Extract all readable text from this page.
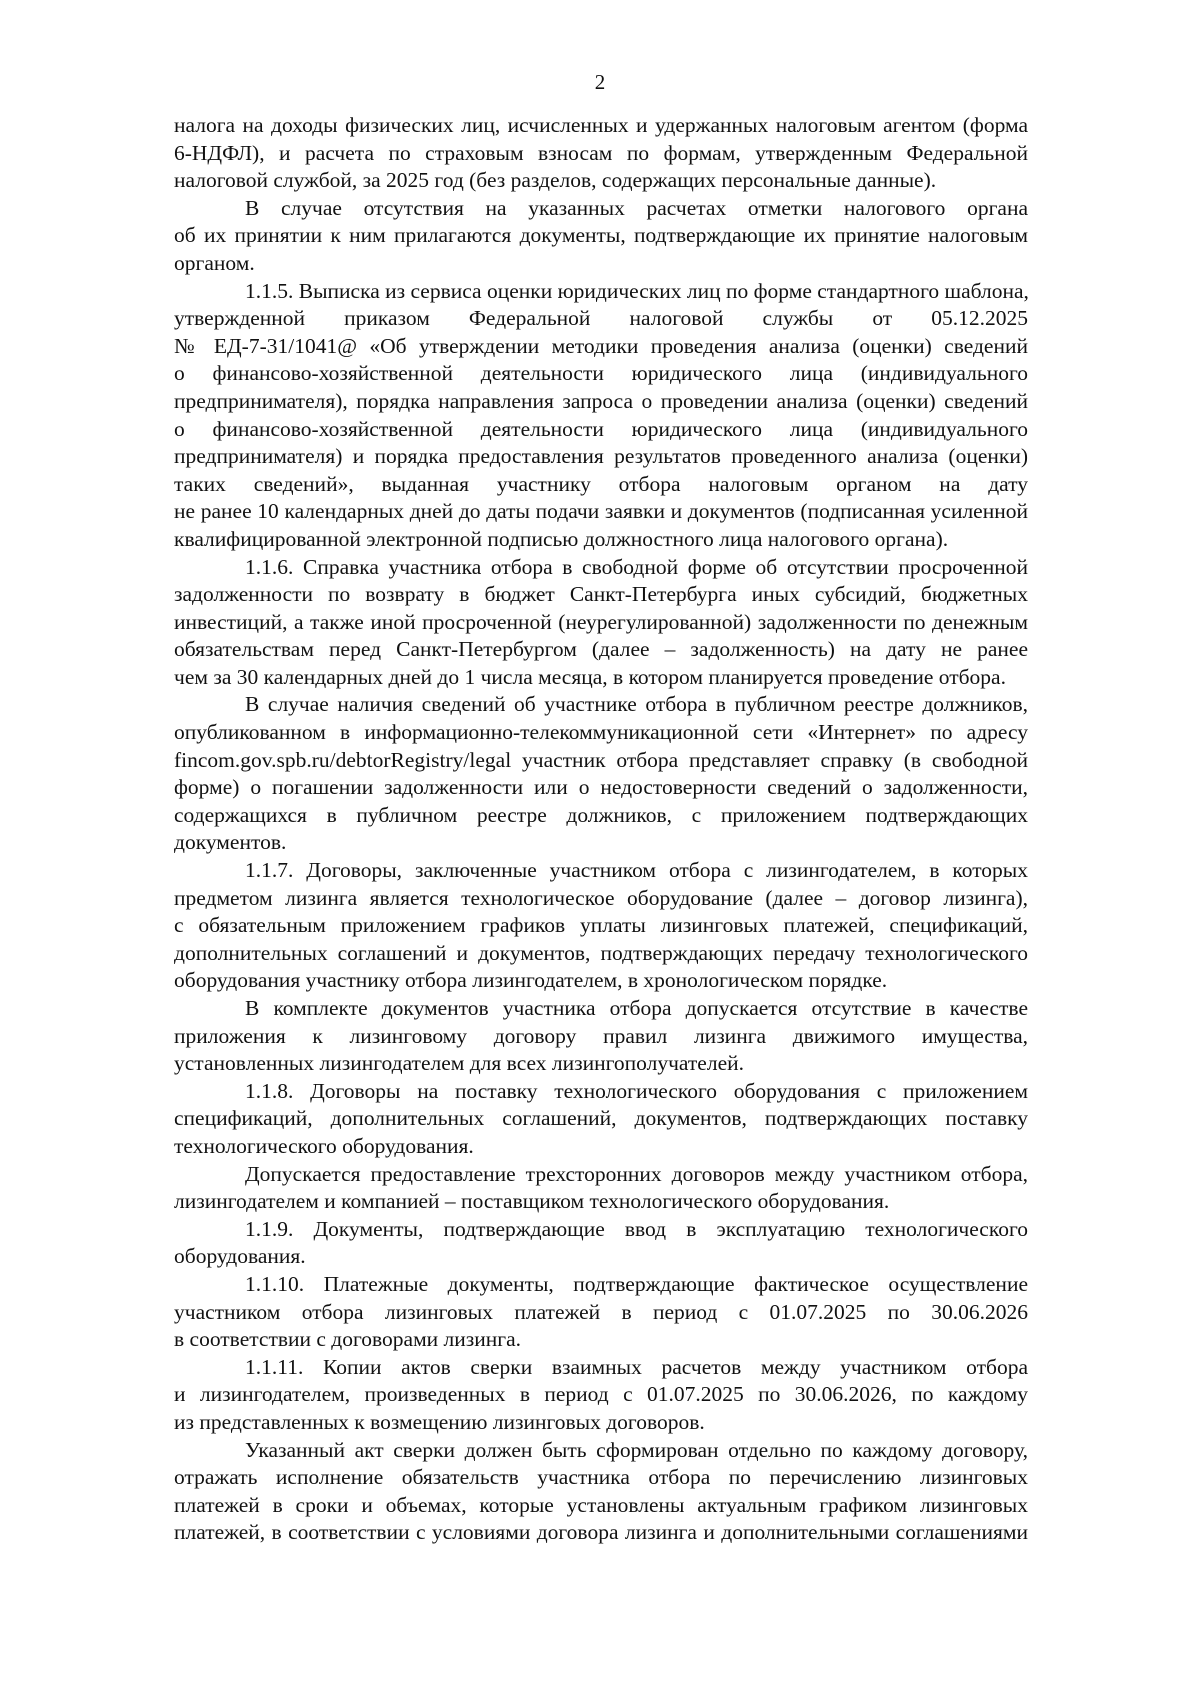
2
налога на доходы физических лиц, исчисленных и удержанных налоговым агентом (форма
6-НДФЛ), и расчета по страховым взносам по формам, утвержденным Федеральной
налоговой службой, за 2025 год (без разделов, содержащих персональные данные).
В случае отсутствия на указанных расчетах отметки налогового органа
об их принятии к ним прилагаются документы, подтверждающие их принятие налоговым
органом.
1.1.5. Выписка из сервиса оценки юридических лиц по форме стандартного шаблона,
утвержденной приказом Федеральной налоговой службы от 05.12.2025
№ ЕД-7-31/1041@ «Об утверждении методики проведения анализа (оценки) сведений
о финансово-хозяйственной деятельности юридического лица (индивидуального
предпринимателя), порядка направления запроса о проведении анализа (оценки) сведений
о финансово-хозяйственной деятельности юридического лица (индивидуального
предпринимателя) и порядка предоставления результатов проведенного анализа (оценки)
таких сведений», выданная участнику отбора налоговым органом на дату
не ранее 10 календарных дней до даты подачи заявки и документов (подписанная усиленной
квалифицированной электронной подписью должностного лица налогового органа).
1.1.6. Справка участника отбора в свободной форме об отсутствии просроченной
задолженности по возврату в бюджет Санкт-Петербурга иных субсидий, бюджетных
инвестиций, а также иной просроченной (неурегулированной) задолженности по денежным
обязательствам перед Санкт-Петербургом (далее – задолженность) на дату не ранее
чем за 30 календарных дней до 1 числа месяца, в котором планируется проведение отбора.
В случае наличия сведений об участнике отбора в публичном реестре должников,
опубликованном в информационно-телекоммуникационной сети «Интернет» по адресу
fincom.gov.spb.ru/debtorRegistry/legal участник отбора представляет справку (в свободной
форме) о погашении задолженности или о недостоверности сведений о задолженности,
содержащихся в публичном реестре должников, с приложением подтверждающих
документов.
1.1.7. Договоры, заключенные участником отбора с лизингодателем, в которых
предметом лизинга является технологическое оборудование (далее – договор лизинга),
с обязательным приложением графиков уплаты лизинговых платежей, спецификаций,
дополнительных соглашений и документов, подтверждающих передачу технологического
оборудования участнику отбора лизингодателем, в хронологическом порядке.
В комплекте документов участника отбора допускается отсутствие в качестве
приложения к лизинговому договору правил лизинга движимого имущества,
установленных лизингодателем для всех лизингополучателей.
1.1.8. Договоры на поставку технологического оборудования с приложением
спецификаций, дополнительных соглашений, документов, подтверждающих поставку
технологического оборудования.
Допускается предоставление трехсторонних договоров между участником отбора,
лизингодателем и компанией – поставщиком технологического оборудования.
1.1.9. Документы, подтверждающие ввод в эксплуатацию технологического
оборудования.
1.1.10. Платежные документы, подтверждающие фактическое осуществление
участником отбора лизинговых платежей в период с 01.07.2025 по 30.06.2026
в соответствии с договорами лизинга.
1.1.11. Копии актов сверки взаимных расчетов между участником отбора
и лизингодателем, произведенных в период с 01.07.2025 по 30.06.2026, по каждому
из представленных к возмещению лизинговых договоров.
Указанный акт сверки должен быть сформирован отдельно по каждому договору,
отражать исполнение обязательств участника отбора по перечислению лизинговых
платежей в сроки и объемах, которые установлены актуальным графиком лизинговых
платежей, в соответствии с условиями договора лизинга и дополнительными соглашениями
